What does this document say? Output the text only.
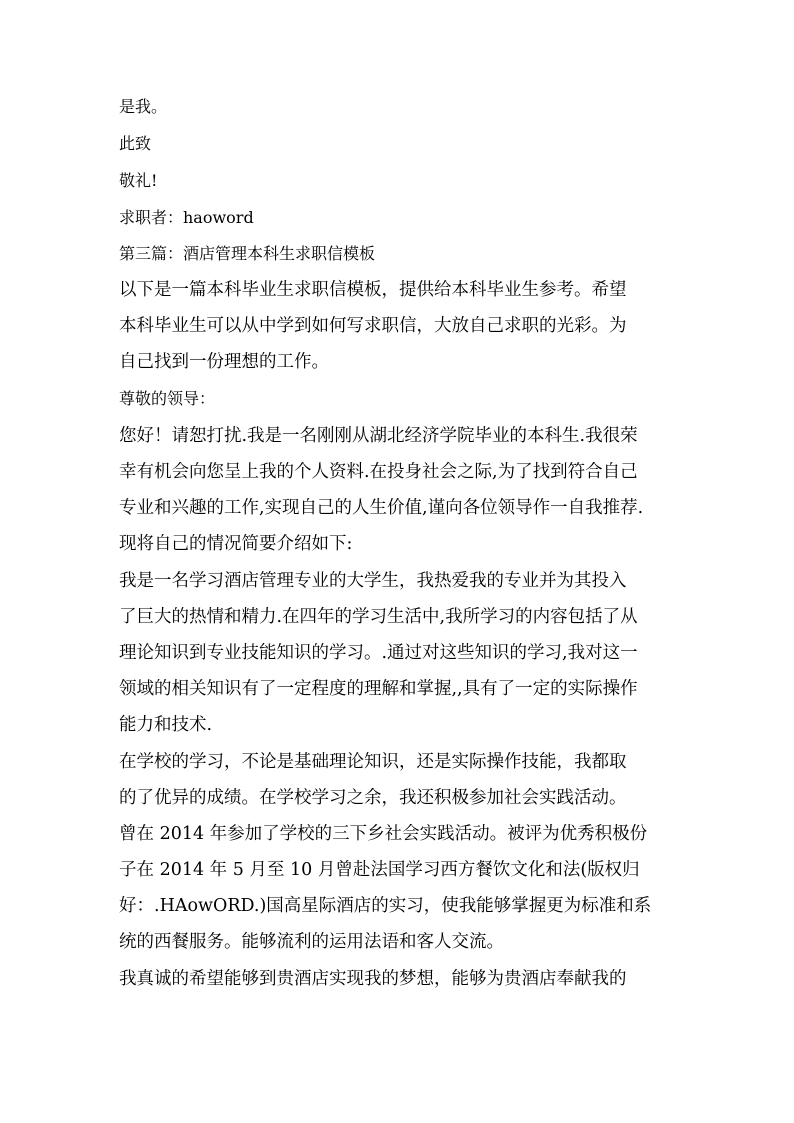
是我。
此致
敬礼!
求职者：haoword
第三篇：酒店管理本科生求职信模板
以下是一篇本科毕业生求职信模板，提供给本科毕业生参考。希望
本科毕业生可以从中学到如何写求职信，大放自己求职的光彩。为
自己找到一份理想的工作。
尊敬的领导：
您好！请恕打扰.我是一名刚刚从湖北经济学院毕业的本科生.我很荣
幸有机会向您呈上我的个人资料.在投身社会之际,为了找到符合自己
专业和兴趣的工作,实现自己的人生价值,谨向各位领导作一自我推荐.
现将自己的情况简要介绍如下:
我是一名学习酒店管理专业的大学生，我热爱我的专业并为其投入
了巨大的热情和精力.在四年的学习生活中,我所学习的内容包括了从
理论知识到专业技能知识的学习。.通过对这些知识的学习,我对这一
领域的相关知识有了一定程度的理解和掌握,,具有了一定的实际操作
能力和技术.
在学校的学习，不论是基础理论知识，还是实际操作技能，我都取
的了优异的成绩。在学校学习之余，我还积极参加社会实践活动。
曾在 2014 年参加了学校的三下乡社会实践活动。被评为优秀积极份
子在 2014 年 5 月至 10 月曾赴法国学习西方餐饮文化和法(版权归
好：.HAowORD.)国高星际酒店的实习，使我能够掌握更为标准和系
统的西餐服务。能够流利的运用法语和客人交流。
我真诚的希望能够到贵酒店实现我的梦想，能够为贵酒店奉献我的
